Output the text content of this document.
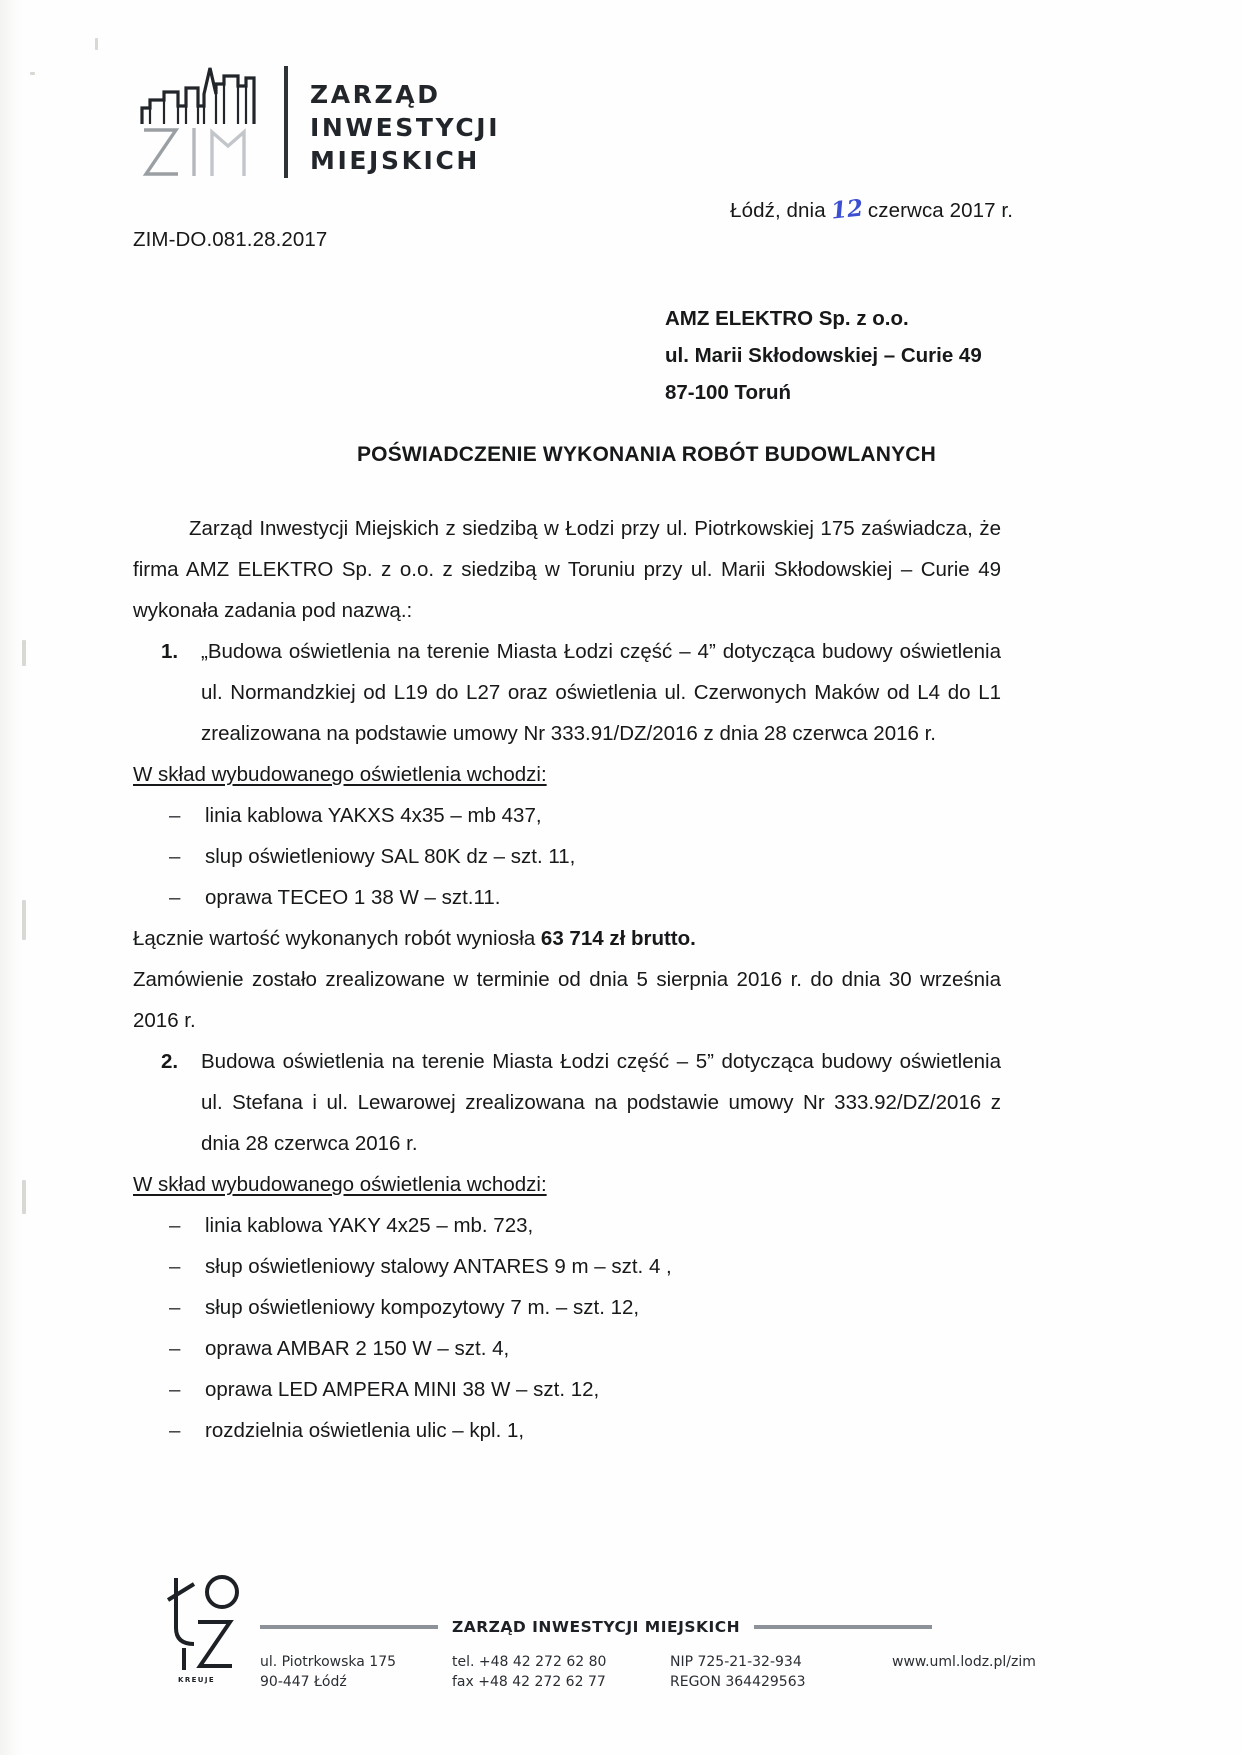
ZARZĄD
INWESTYCJI
MIEJSKICH
Łódź, dnia 12 czerwca 2017 r.
ZIM-DO.081.28.2017
AMZ ELEKTRO Sp. z o.o.
ul. Marii Skłodowskiej – Curie 49
87-100 Toruń
POŚWIADCZENIE WYKONANIA ROBÓT BUDOWLANYCH

Zarząd Inwestycji Miejskich z siedzibą w Łodzi przy ul. Piotrkowskiej 175 zaświadcza, że firma AMZ ELEKTRO Sp. z o.o. z siedzibą w Toruniu przy ul. Marii Skłodowskiej – Curie 49 wykonała zadania pod nazwą.:

1. „Budowa oświetlenia na terenie Miasta Łodzi część – 4” dotycząca budowy oświetlenia ul. Normandzkiej od L19 do L27 oraz oświetlenia ul. Czerwonych Maków od L4 do L1 zrealizowana na podstawie umowy Nr 333.91/DZ/2016 z dnia 28 czerwca 2016 r.

W skład wybudowanego oświetlenia wchodzi:

– linia kablowa YAKXS 4x35 – mb 437,
– slup oświetleniowy SAL 80K dz – szt. 11,
– oprawa TECEO 1 38 W – szt.11.

Łącznie wartość wykonanych robót wyniosła 63 714 zł brutto.

Zamówienie zostało zrealizowane w terminie od dnia 5 sierpnia 2016 r. do dnia 30 września 2016 r.

2. Budowa oświetlenia na terenie Miasta Łodzi część – 5” dotycząca budowy oświetlenia ul. Stefana i ul. Lewarowej zrealizowana na podstawie umowy Nr 333.92/DZ/2016 z dnia 28 czerwca 2016 r.

W skład wybudowanego oświetlenia wchodzi:

– linia kablowa YAKY 4x25 – mb. 723,
– słup oświetleniowy stalowy ANTARES 9 m – szt. 4 ,
– słup oświetleniowy kompozytowy 7 m. – szt. 12,
– oprawa AMBAR 2 150 W – szt. 4,
– oprawa LED AMPERA MINI 38 W – szt. 12,
– rozdzielnia oświetlenia ulic – kpl. 1,
KREUJE
ZARZĄD INWESTYCJI MIEJSKICH
ul. Piotrkowska 175
90-447 Łódź
tel. +48 42 272 62 80
fax +48 42 272 62 77
NIP 725-21-32-934
REGON 364429563
www.uml.lodz.pl/zim
